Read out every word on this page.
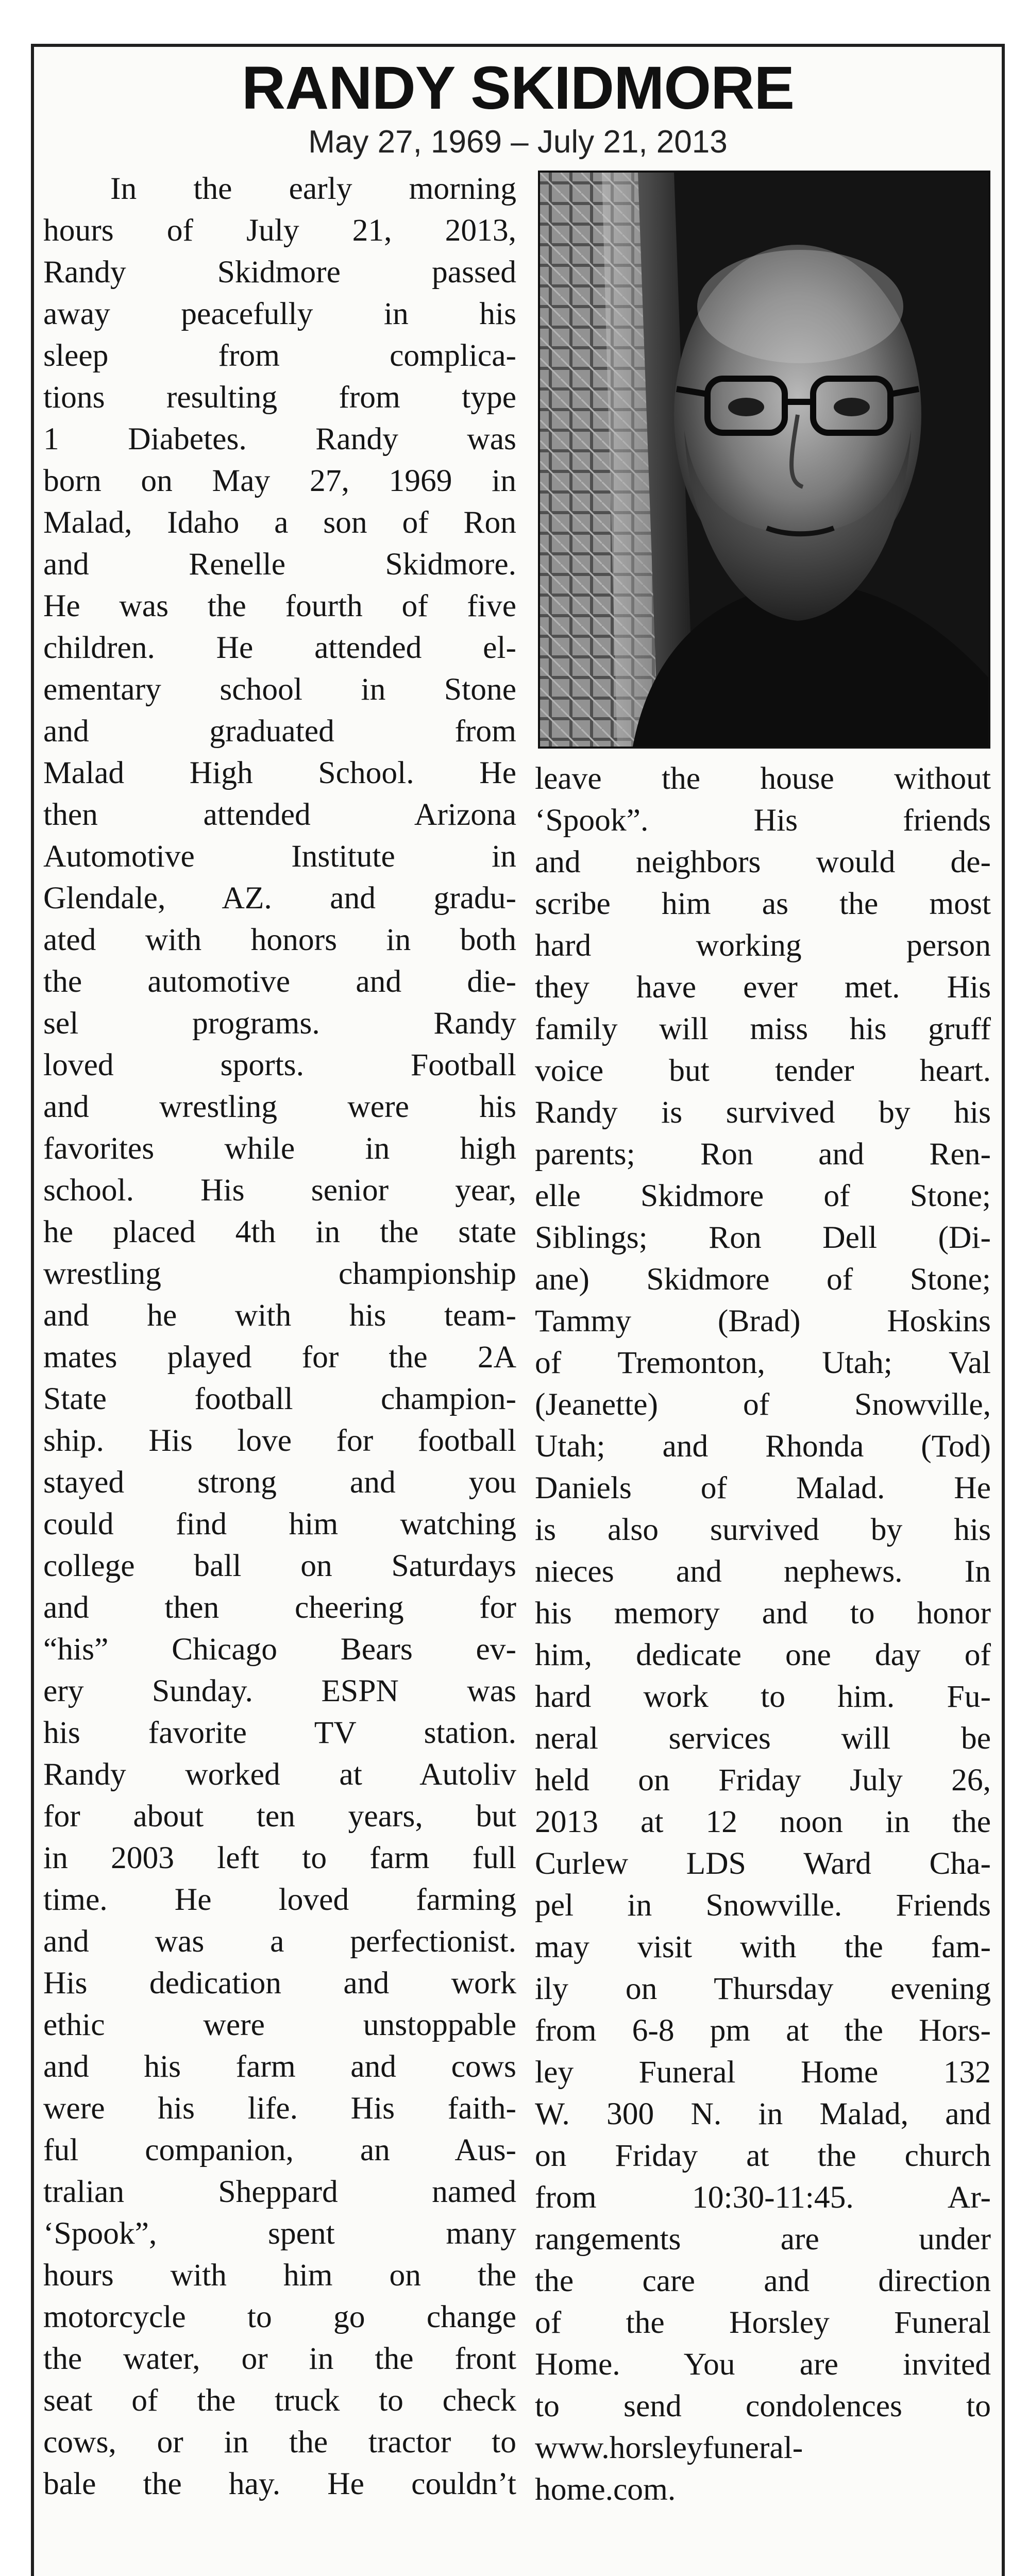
RANDY SKIDMORE
May 27, 1969 – July 21, 2013
In the early morning
hours of July 21, 2013,
Randy Skidmore passed
away peacefully in his
sleep from complica-
tions resulting from type
1 Diabetes. Randy was
born on May 27, 1969 in
Malad, Idaho a son of Ron
and Renelle Skidmore.
He was the fourth of five
children. He attended el-
ementary school in Stone
and graduated from
Malad High School. He
then attended Arizona
Automotive Institute in
Glendale, AZ. and gradu-
ated with honors in both
the automotive and die-
sel programs. Randy
loved sports. Football
and wrestling were his
favorites while in high
school. His senior year,
he placed 4th in the state
wrestling championship
and he with his team-
mates played for the 2A
State football champion-
ship. His love for football
stayed strong and you
could find him watching
college ball on Saturdays
and then cheering for
“his” Chicago Bears ev-
ery Sunday. ESPN was
his favorite TV station.
Randy worked at Autoliv
for about ten years, but
in 2003 left to farm full
time. He loved farming
and was a perfectionist.
His dedication and work
ethic were unstoppable
and his farm and cows
were his life. His faith-
ful companion, an Aus-
tralian Sheppard named
‘Spook”, spent many
hours with him on the
motorcycle to go change
the water, or in the front
seat of the truck to check
cows, or in the tractor to
bale the hay. He couldn’t
leave the house without
‘Spook”. His friends
and neighbors would de-
scribe him as the most
hard working person
they have ever met. His
family will miss his gruff
voice but tender heart.
Randy is survived by his
parents; Ron and Ren-
elle Skidmore of Stone;
Siblings; Ron Dell (Di-
ane) Skidmore of Stone;
Tammy (Brad) Hoskins
of Tremonton, Utah; Val
(Jeanette) of Snowville,
Utah; and Rhonda (Tod)
Daniels of Malad. He
is also survived by his
nieces and nephews. In
his memory and to honor
him, dedicate one day of
hard work to him. Fu-
neral services will be
held on Friday July 26,
2013 at 12 noon in the
Curlew LDS Ward Cha-
pel in Snowville. Friends
may visit with the fam-
ily on Thursday evening
from 6-8 pm at the Hors-
ley Funeral Home 132
W. 300 N. in Malad, and
on Friday at the church
from 10:30-11:45. Ar-
rangements are under
the care and direction
of the Horsley Funeral
Home. You are invited
to send condolences to
www.horsleyfuneral-
home.com.
